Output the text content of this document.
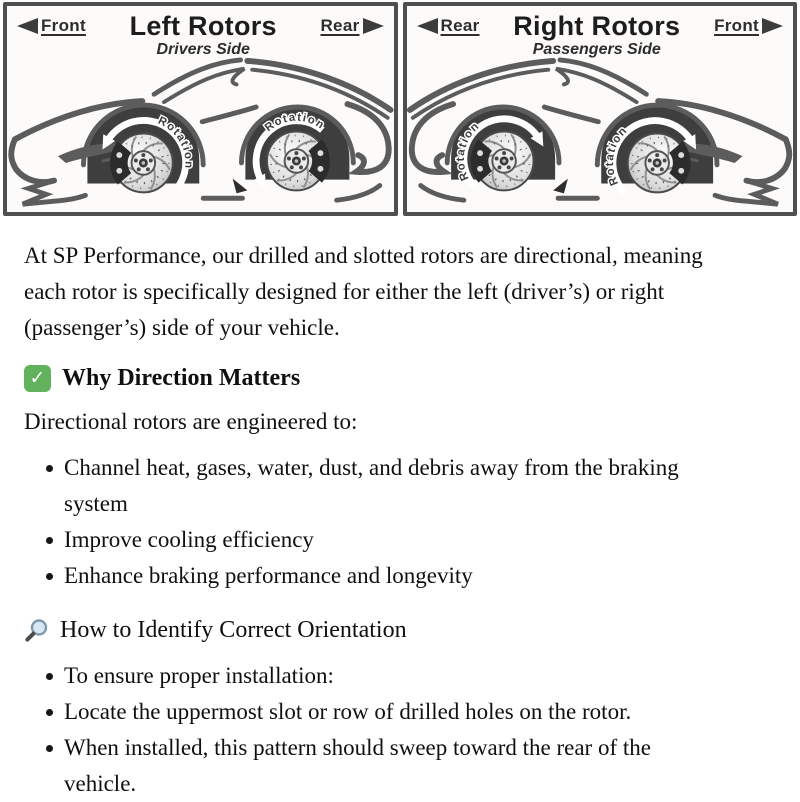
Front Left Rotors
Drivers Side
Rear
Rotation
Rotation
Rear Right Rotors
Passengers Side
Front
Rotation
Rotation

At SP Performance, our drilled and slotted rotors are directional, meaning each rotor is specifically designed for either the left (driver’s) or right (passenger’s) side of your vehicle.

✓ Why Direction Matters

Directional rotors are engineered to:

Channel heat, gases, water, dust, and debris away from the braking system
Improve cooling efficiency
Enhance braking performance and longevity
How to Identify Correct Orientation
To ensure proper installation:
Locate the uppermost slot or row of drilled holes on the rotor.
When installed, this pattern should sweep toward the rear of the vehicle.
